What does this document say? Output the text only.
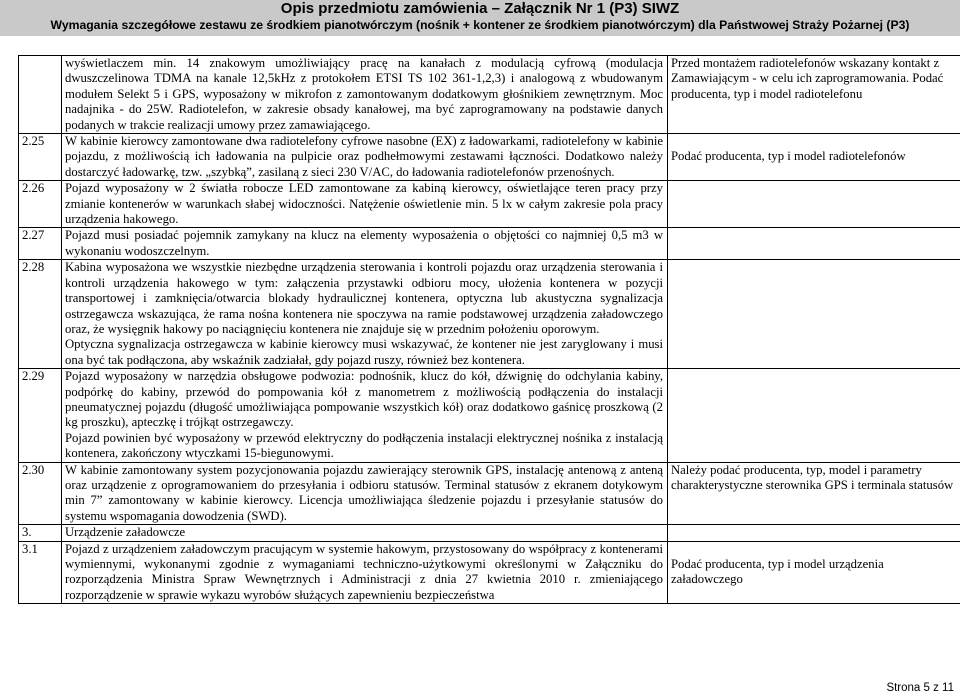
Opis przedmiotu zamówienia – Załącznik Nr 1 (P3) SIWZ
Wymagania szczegółowe zestawu ze środkiem pianotwórczym (nośnik + kontener ze środkiem pianotwórczym) dla Państwowej Straży Pożarnej (P3)

	wyświetlaczem min. 14 znakowym umożliwiający pracę na kanałach z modulacją cyfrową (modulacja dwuszczelinowa TDMA na kanale 12,5kHz z protokołem ETSI TS 102 361-1,2,3) i analogową z wbudowanym modułem Selekt 5 i GPS, wyposażony w mikrofon z zamontowanym dodatkowym głośnikiem zewnętrznym. Moc nadajnika - do 25W. Radiotelefon, w zakresie obsady kanałowej, ma być zaprogramowany na podstawie danych podanych w trakcie realizacji umowy przez zamawiającego.	Przed montażem radiotelefonów wskazany kontakt z Zamawiającym - w celu ich zaprogramowania. Podać producenta, typ i model radiotelefonu
2.25	W kabinie kierowcy zamontowane dwa radiotelefony cyfrowe nasobne (EX) z ładowarkami, radiotelefony w kabinie pojazdu, z możliwością ich ładowania na pulpicie oraz podhełmowymi zestawami łączności. Dodatkowo należy dostarczyć ładowarkę, tzw. „szybką”, zasilaną z sieci 230 V/AC, do ładowania radiotelefonów przenośnych.	Podać producenta, typ i model radiotelefonów
2.26	Pojazd wyposażony w 2 światła robocze LED zamontowane za kabiną kierowcy, oświetlające teren pracy przy zmianie kontenerów w warunkach słabej widoczności. Natężenie oświetlenie min. 5 lx w całym zakresie pola pracy urządzenia hakowego.	

2.27	Pojazd musi posiadać pojemnik zamykany na klucz na elementy wyposażenia o objętości co najmniej 0,5 m3 w wykonaniu wodoszczelnym.	

2.28	Kabina wyposażona we wszystkie niezbędne urządzenia sterowania i kontroli pojazdu oraz urządzenia sterowania i kontroli urządzenia hakowego w tym: załączenia przystawki odbioru mocy, ułożenia kontenera w pozycji transportowej i zamknięcia/otwarcia blokady hydraulicznej kontenera, optyczna lub akustyczna sygnalizacja ostrzegawcza wskazująca, że rama nośna kontenera nie spoczywa na ramie podstawowej urządzenia załadowczego oraz, że wysięgnik hakowy po naciągnięciu kontenera nie znajduje się w przednim położeniu oporowym.

Optyczna sygnalizacja ostrzegawcza w kabinie kierowcy musi wskazywać, że kontener nie jest zaryglowany i musi ona być tak podłączona, aby wskaźnik zadziałał, gdy pojazd ruszy, również bez kontenera.	

2.29	Pojazd wyposażony w narzędzia obsługowe podwozia: podnośnik, klucz do kół, dźwignię do odchylania kabiny, podpórkę do kabiny, przewód do pompowania kół z manometrem z możliwością podłączenia do instalacji pneumatycznej pojazdu (długość umożliwiająca pompowanie wszystkich kół) oraz dodatkowo gaśnicę proszkową (2 kg proszku), apteczkę i trójkąt ostrzegawczy.

Pojazd powinien być wyposażony w przewód elektryczny do podłączenia instalacji elektrycznej nośnika z instalacją kontenera, zakończony wtyczkami 15-biegunowymi.	

2.30	W kabinie zamontowany system pozycjonowania pojazdu zawierający sterownik GPS, instalację antenową z anteną oraz urządzenie z oprogramowaniem do przesyłania i odbioru statusów. Terminal statusów z ekranem dotykowym min 7” zamontowany w kabinie kierowcy. Licencja umożliwiająca śledzenie pojazdu i przesyłanie statusów do systemu wspomagania dowodzenia (SWD).	Należy podać producenta, typ, model i parametry charakterystyczne sterownika GPS i terminala statusów
3.	Urządzenie załadowcze	

3.1	Pojazd z urządzeniem załadowczym pracującym w systemie hakowym, przystosowany do współpracy z kontenerami wymiennymi, wykonanymi zgodnie z wymaganiami techniczno-użytkowymi określonymi w Załączniku do rozporządzenia Ministra Spraw Wewnętrznych i Administracji z dnia 27 kwietnia 2010 r. zmieniającego rozporządzenie w sprawie wykazu wyrobów służących zapewnieniu bezpieczeństwa	Podać producenta, typ i model urządzenia załadowczego
Strona 5 z 11
